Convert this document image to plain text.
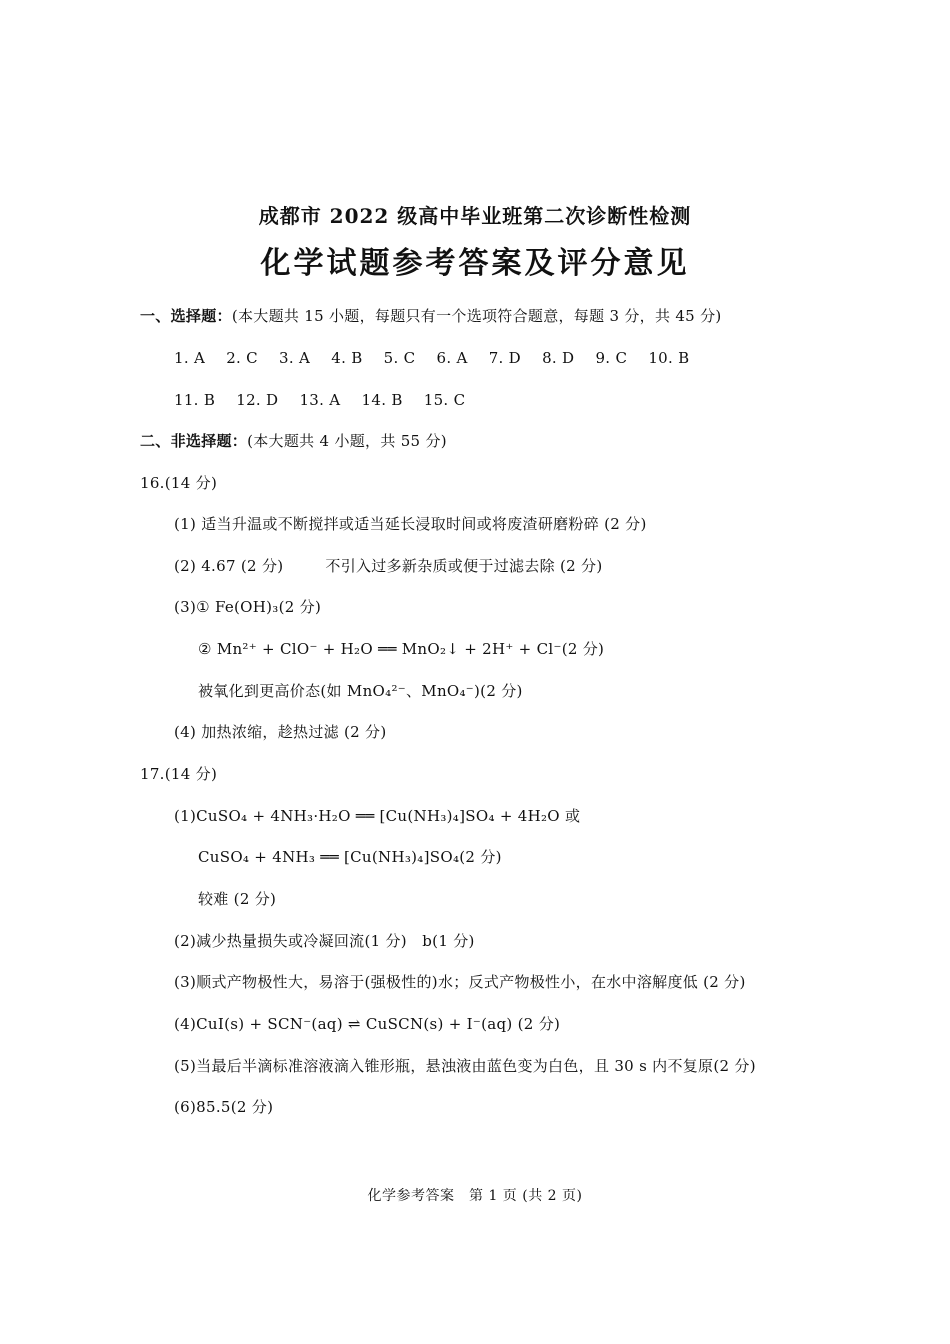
成都市 2022 级高中毕业班第二次诊断性检测
化学试题参考答案及评分意见
一、选择题：(本大题共 15 小题，每题只有一个选项符合题意，每题 3 分，共 45 分)
1. A 2. C 3. A 4. B 5. C 6. A 7. D 8. D 9. C 10. B
11. B 12. D 13. A 14. B 15. C
二、非选择题：(本大题共 4 小题，共 55 分)
16.(14 分)
(1) 适当升温或不断搅拌或适当延长浸取时间或将废渣研磨粉碎 (2 分)
(2) 4.67 (2 分)	不引入过多新杂质或便于过滤去除 (2 分)
(3)① Fe(OH)₃(2 分)
② Mn²⁺ + ClO⁻ + H₂O ══ MnO₂↓ + 2H⁺ + Cl⁻(2 分)
被氧化到更高价态(如 MnO₄²⁻、MnO₄⁻)(2 分)
(4) 加热浓缩，趁热过滤 (2 分)
17.(14 分)
(1)CuSO₄ + 4NH₃·H₂O ══ [Cu(NH₃)₄]SO₄ + 4H₂O 或
CuSO₄ + 4NH₃ ══ [Cu(NH₃)₄]SO₄(2 分)
较难 (2 分)
(2)减少热量损失或冷凝回流(1 分)　b(1 分)
(3)顺式产物极性大，易溶于(强极性的)水；反式产物极性小，在水中溶解度低 (2 分)
(4)CuI(s) + SCN⁻(aq) ⇌ CuSCN(s) + I⁻(aq) (2 分)
(5)当最后半滴标准溶液滴入锥形瓶，悬浊液由蓝色变为白色，且 30 s 内不复原(2 分)
(6)85.5(2 分)
化学参考答案　第 1 页 (共 2 页)
